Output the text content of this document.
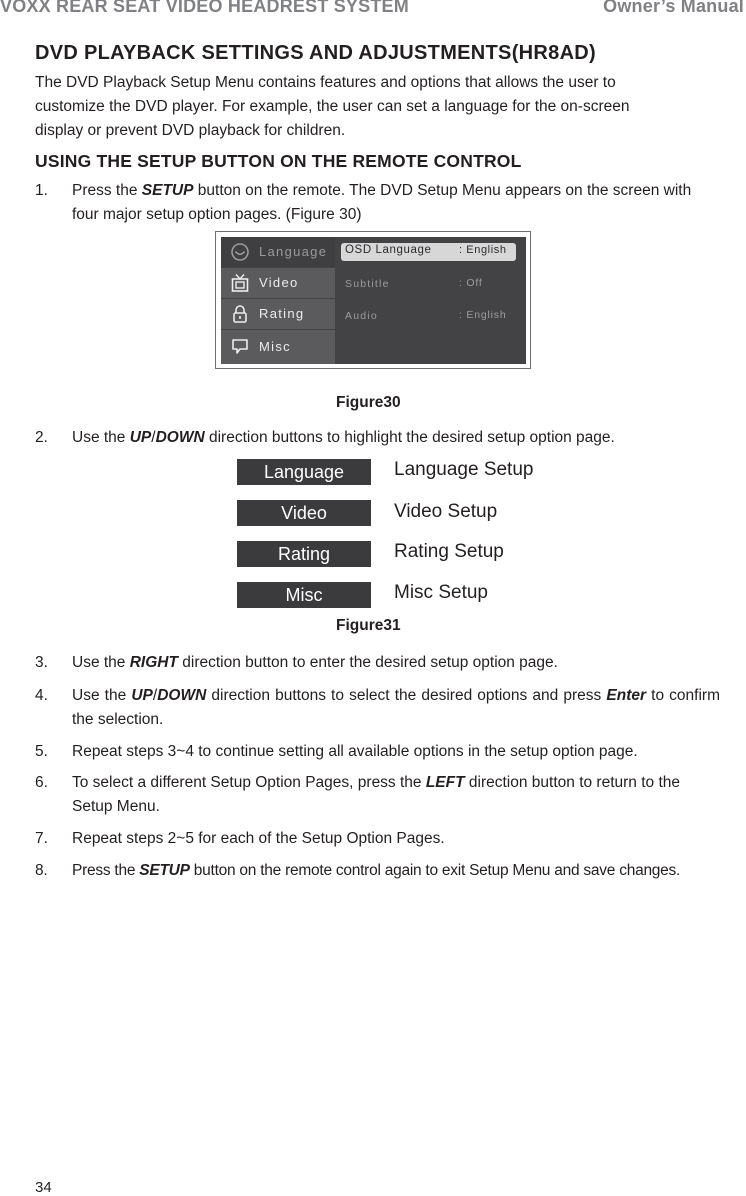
VOXX REAR SEAT VIDEO HEADREST SYSTEM	Owner’s Manual
DVD PLAYBACK SETTINGS AND ADJUSTMENTS(HR8AD)
The DVD Playback Setup Menu contains features and options that allows the user to
customize the DVD player. For example, the user can set a language for the on-screen
display or prevent DVD playback for children.
USING THE SETUP BUTTON ON THE REMOTE CONTROL
1. Press the SETUP button on the remote. The DVD Setup Menu appears on the screen with four major setup option pages. (Figure 30)
Language
Video
Rating
Misc
OSD Language	: English
Subtitle	: Off
Audio	: English
Figure30
2. Use the UP/DOWN direction buttons to highlight the desired setup option page.
Language	Language Setup
Video	Video Setup
Rating	Rating Setup
Misc	Misc Setup
Figure31
3. Use the RIGHT direction button to enter the desired setup option page.
4. Use the UP/DOWN direction buttons to select the desired options and press Enter to confirm the selection.
5. Repeat steps 3~4 to continue setting all available options in the setup option page.
6. To select a different Setup Option Pages, press the LEFT direction button to return to the Setup Menu.
7. Repeat steps 2~5 for each of the Setup Option Pages.
8. Press the SETUP button on the remote control again to exit Setup Menu and save changes.
34
